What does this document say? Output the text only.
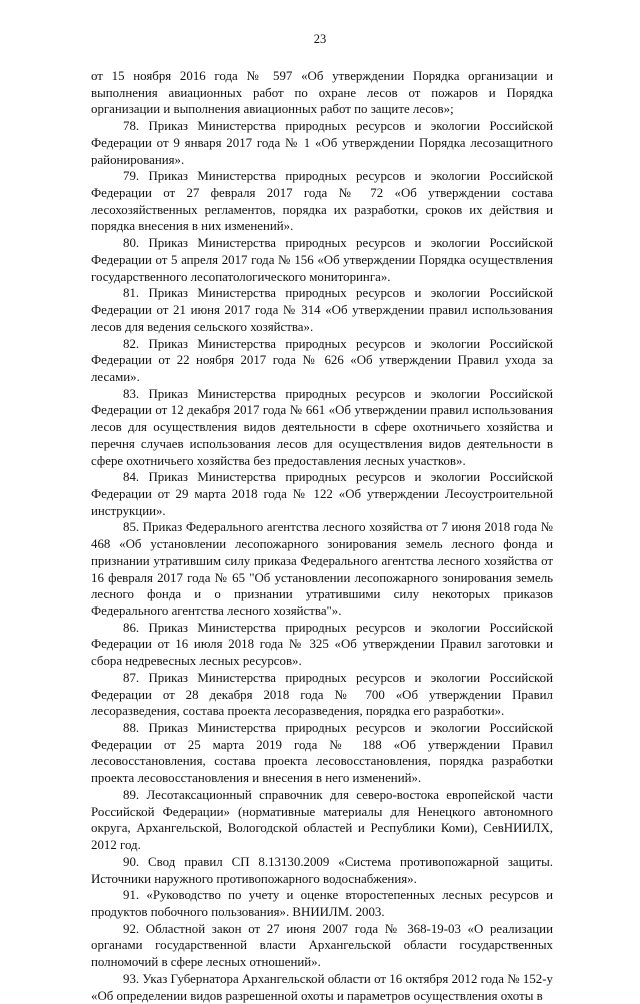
23

от 15 ноября 2016 года № 597 «Об утверждении Порядка организации и выполнения авиационных работ по охране лесов от пожаров и Порядка организации и выполнения авиационных работ по защите лесов»;

78. Приказ Министерства природных ресурсов и экологии Российской Федерации от 9 января 2017 года № 1 «Об утверждении Порядка лесозащитного районирования».

79. Приказ Министерства природных ресурсов и экологии Российской Федерации от 27 февраля 2017 года № 72 «Об утверждении состава лесохозяйственных регламентов, порядка их разработки, сроков их действия и порядка внесения в них изменений».

80. Приказ Министерства природных ресурсов и экологии Российской Федерации от 5 апреля 2017 года № 156 «Об утверждении Порядка осуществления государственного лесопатологического мониторинга».

81. Приказ Министерства природных ресурсов и экологии Российской Федерации от 21 июня 2017 года № 314 «Об утверждении правил использования лесов для ведения сельского хозяйства».

82. Приказ Министерства природных ресурсов и экологии Российской Федерации от 22 ноября 2017 года № 626 «Об утверждении Правил ухода за лесами».

83. Приказ Министерства природных ресурсов и экологии Российской Федерации от 12 декабря 2017 года № 661 «Об утверждении правил использования лесов для осуществления видов деятельности в сфере охотничьего хозяйства и перечня случаев использования лесов для осуществления видов деятельности в сфере охотничьего хозяйства без предоставления лесных участков».

84. Приказ Министерства природных ресурсов и экологии Российской Федерации от 29 марта 2018 года № 122 «Об утверждении Лесоустроительной инструкции».

85. Приказ Федерального агентства лесного хозяйства от 7 июня 2018 года № 468 «Об установлении лесопожарного зонирования земель лесного фонда и признании утратившим силу приказа Федерального агентства лесного хозяйства от 16 февраля 2017 года № 65 "Об установлении лесопожарного зонирования земель лесного фонда и о признании утратившими силу некоторых приказов Федерального агентства лесного хозяйства"».

86. Приказ Министерства природных ресурсов и экологии Российской Федерации от 16 июля 2018 года № 325 «Об утверждении Правил заготовки и сбора недревесных лесных ресурсов».

87. Приказ Министерства природных ресурсов и экологии Российской Федерации от 28 декабря 2018 года № 700 «Об утверждении Правил лесоразведения, состава проекта лесоразведения, порядка его разработки».

88. Приказ Министерства природных ресурсов и экологии Российской Федерации от 25 марта 2019 года № 188 «Об утверждении Правил лесовосстановления, состава проекта лесовосстановления, порядка разработки проекта лесовосстановления и внесения в него изменений».

89. Лесотаксационный справочник для северо-востока европейской части Российской Федерации» (нормативные материалы для Ненецкого автономного округа, Архангельской, Вологодской областей и Республики Коми), СевНИИЛХ, 2012 год.

90. Свод правил СП 8.13130.2009 «Система противопожарной защиты. Источники наружного противопожарного водоснабжения».

91. «Руководство по учету и оценке второстепенных лесных ресурсов и продуктов побочного пользования». ВНИИЛМ. 2003.

92. Областной закон от 27 июня 2007 года № 368-19-03 «О реализации органами государственной власти Архангельской области государственных полномочий в сфере лесных отношений».

93. Указ Губернатора Архангельской области от 16 октября 2012 года № 152-у «Об определении видов разрешенной охоты и параметров осуществления охоты в
